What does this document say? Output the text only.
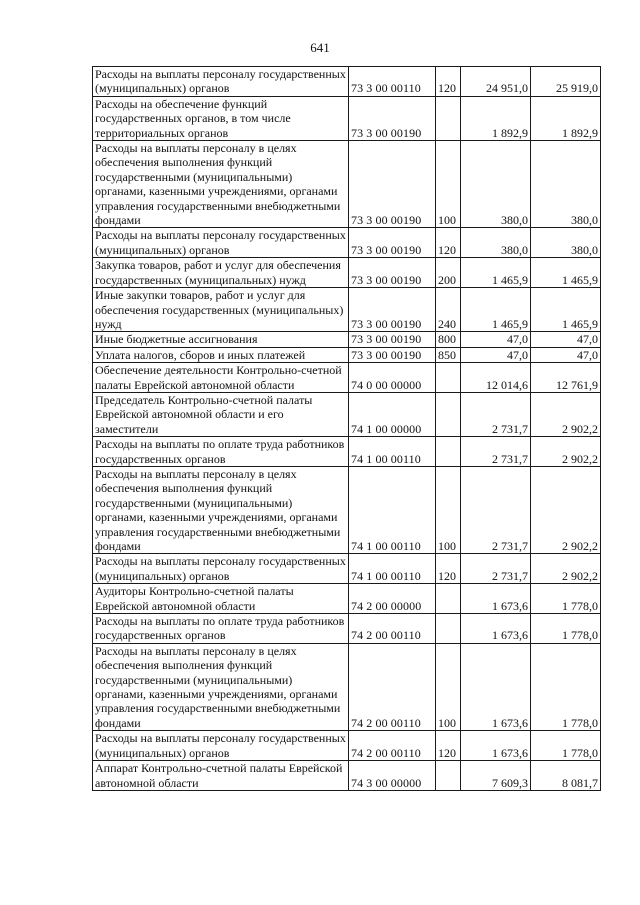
641
Расходы на выплаты персоналу государственных (муниципальных) органов	73 3 00 00110	120	24 951,0	25 919,0
Расходы на обеспечение функций государственных органов, в том числе территориальных органов	73 3 00 00190		1 892,9	1 892,9
Расходы на выплаты персоналу в целях обеспечения выполнения функций государственными (муниципальными) органами, казенными учреждениями, органами управления государственными внебюджетными фондами	73 3 00 00190	100	380,0	380,0
Расходы на выплаты персоналу государственных (муниципальных) органов	73 3 00 00190	120	380,0	380,0
Закупка товаров, работ и услуг для обеспечения государственных (муниципальных) нужд	73 3 00 00190	200	1 465,9	1 465,9
Иные закупки товаров, работ и услуг для обеспечения государственных (муниципальных) нужд	73 3 00 00190	240	1 465,9	1 465,9
Иные бюджетные ассигнования	73 3 00 00190	800	47,0	47,0
Уплата налогов, сборов и иных платежей	73 3 00 00190	850	47,0	47,0
Обеспечение деятельности Контрольно-счетной палаты Еврейской автономной области	74 0 00 00000		12 014,6	12 761,9
Председатель Контрольно-счетной палаты Еврейской автономной области и его заместители	74 1 00 00000		2 731,7	2 902,2
Расходы на выплаты по оплате труда работников государственных органов	74 1 00 00110		2 731,7	2 902,2
Расходы на выплаты персоналу в целях обеспечения выполнения функций государственными (муниципальными) органами, казенными учреждениями, органами управления государственными внебюджетными фондами	74 1 00 00110	100	2 731,7	2 902,2
Расходы на выплаты персоналу государственных (муниципальных) органов	74 1 00 00110	120	2 731,7	2 902,2
Аудиторы Контрольно-счетной палаты Еврейской автономной области	74 2 00 00000		1 673,6	1 778,0
Расходы на выплаты по оплате труда работников государственных органов	74 2 00 00110		1 673,6	1 778,0
Расходы на выплаты персоналу в целях обеспечения выполнения функций государственными (муниципальными) органами, казенными учреждениями, органами управления государственными внебюджетными фондами	74 2 00 00110	100	1 673,6	1 778,0
Расходы на выплаты персоналу государственных (муниципальных) органов	74 2 00 00110	120	1 673,6	1 778,0
Аппарат Контрольно-счетной палаты Еврейской автономной области	74 3 00 00000		7 609,3	8 081,7
